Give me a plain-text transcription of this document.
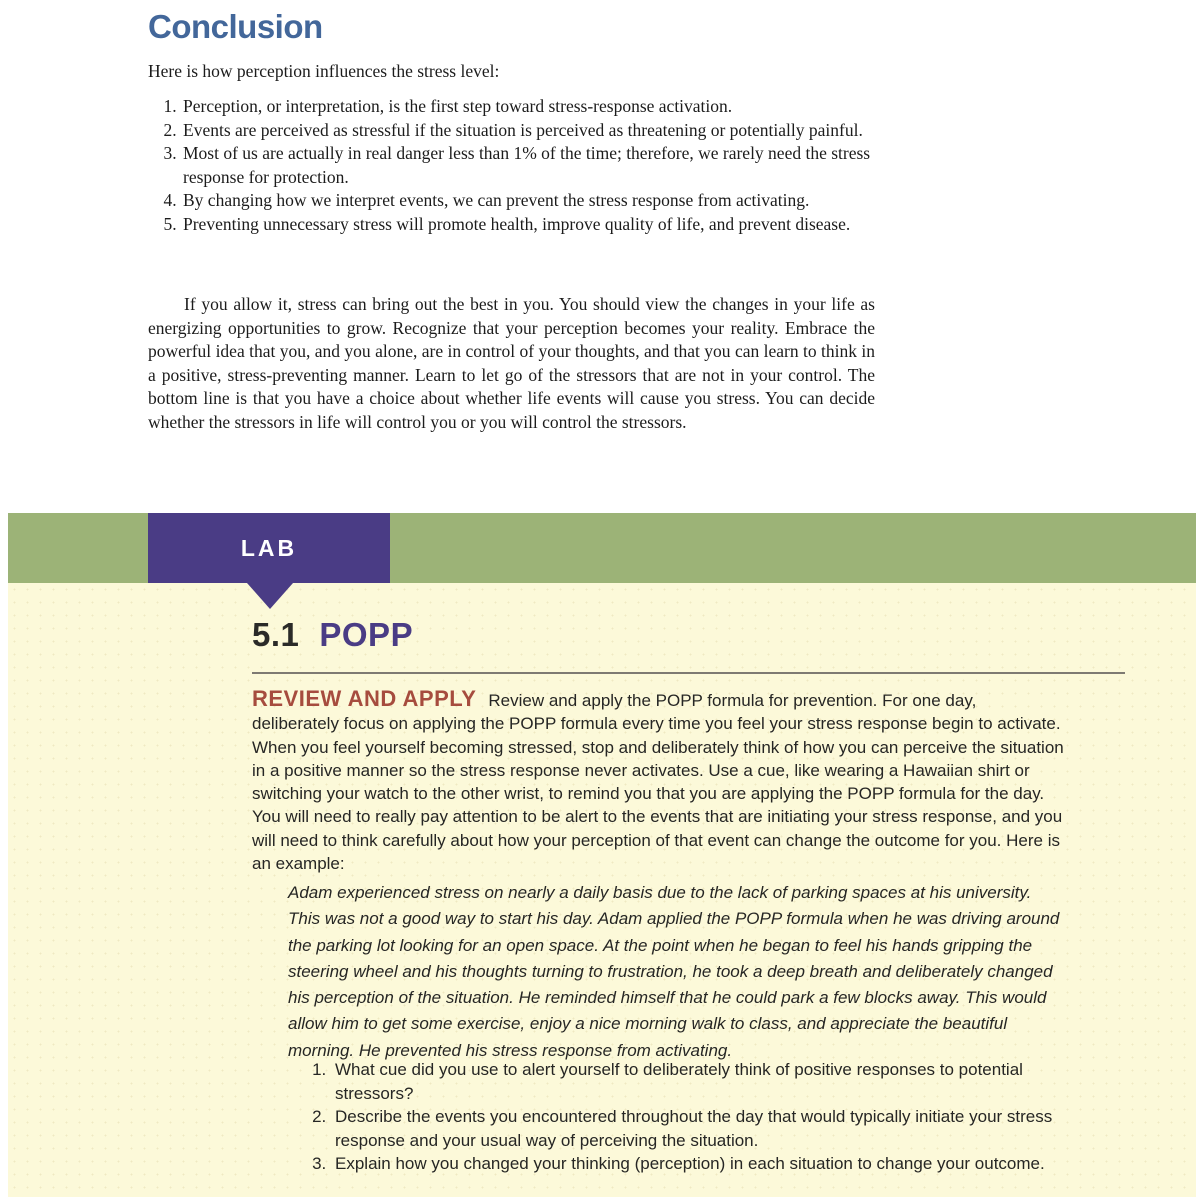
Conclusion

Here is how perception influences the stress level:

1. Perception, or interpretation, is the first step toward stress-response activation.
2. Events are perceived as stressful if the situation is perceived as threatening or potentially painful.
3. Most of us are actually in real danger less than 1% of the time; therefore, we rarely need the stress response for protection.
4. By changing how we interpret events, we can prevent the stress response from activating.
5. Preventing unnecessary stress will promote health, improve quality of life, and prevent disease.

If you allow it, stress can bring out the best in you. You should view the changes in your life as energizing opportunities to grow. Recognize that your perception becomes your reality. Embrace the powerful idea that you, and you alone, are in control of your thoughts, and that you can learn to think in a positive, stress-preventing manner. Learn to let go of the stressors that are not in your control. The bottom line is that you have a choice about whether life events will cause you stress. You can decide whether the stressors in life will control you or you will control the stressors.

LAB
5.1 POPP

REVIEW AND APPLY Review and apply the POPP formula for prevention. For one day, deliberately focus on applying the POPP formula every time you feel your stress response begin to activate. When you feel yourself becoming stressed, stop and deliberately think of how you can perceive the situation in a positive manner so the stress response never activates. Use a cue, like wearing a Hawaiian shirt or switching your watch to the other wrist, to remind you that you are applying the POPP formula for the day. You will need to really pay attention to be alert to the events that are initiating your stress response, and you will need to think carefully about how your perception of that event can change the outcome for you. Here is an example:

Adam experienced stress on nearly a daily basis due to the lack of parking spaces at his university. This was not a good way to start his day. Adam applied the POPP formula when he was driving around the parking lot looking for an open space. At the point when he began to feel his hands gripping the steering wheel and his thoughts turning to frustration, he took a deep breath and deliberately changed his perception of the situation. He reminded himself that he could park a few blocks away. This would allow him to get some exercise, enjoy a nice morning walk to class, and appreciate the beautiful morning. He prevented his stress response from activating.

1. What cue did you use to alert yourself to deliberately think of positive responses to potential stressors?
2. Describe the events you encountered throughout the day that would typically initiate your stress response and your usual way of perceiving the situation.
3. Explain how you changed your thinking (perception) in each situation to change your outcome.
